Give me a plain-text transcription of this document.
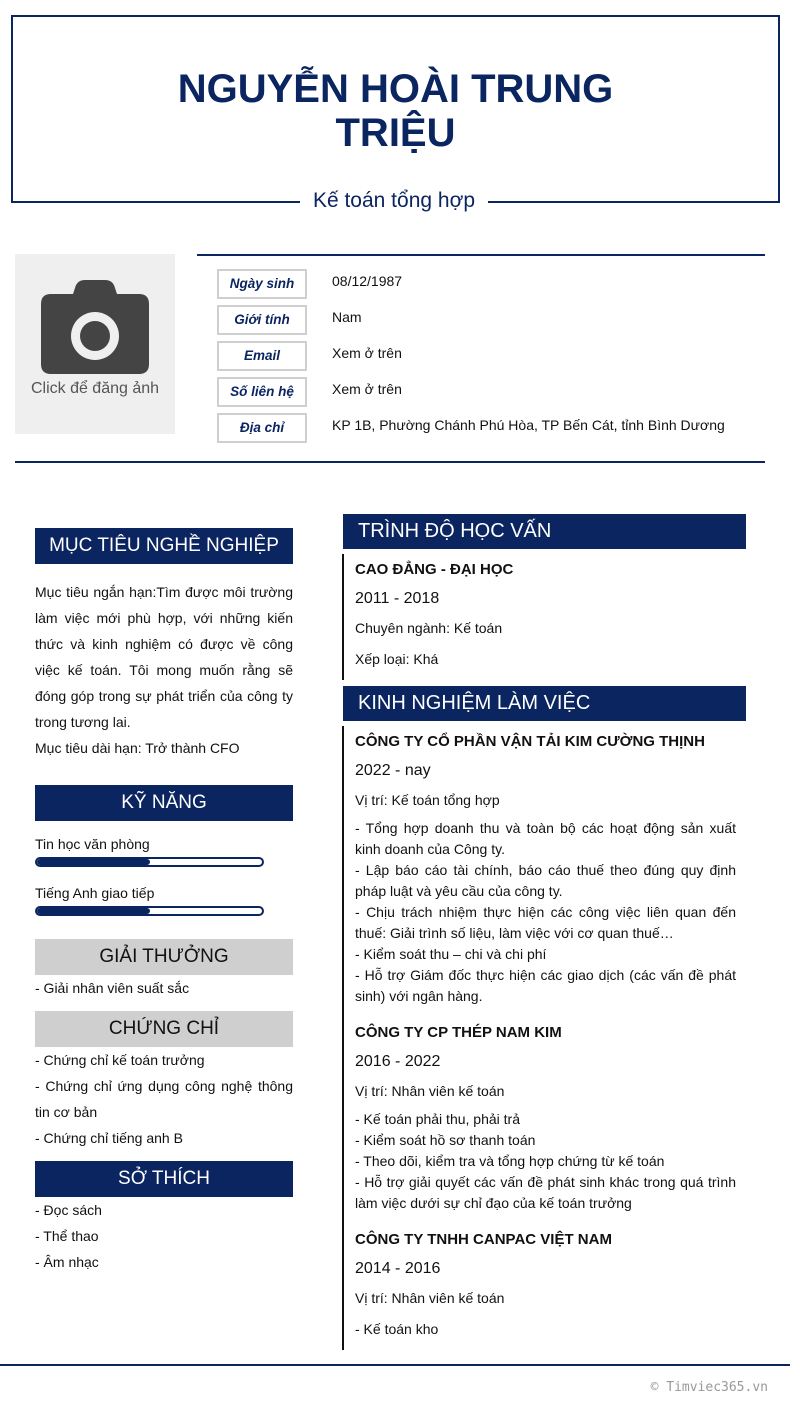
NGUYỄN HOÀI TRUNG TRIỆU
Kế toán tổng hợp
Click để đăng ảnh
Ngày sinh	08/12/1987
Giới tính	Nam
Email	Xem ở trên
Số liên hệ	Xem ở trên
Địa chỉ	KP 1B, Phường Chánh Phú Hòa, TP Bến Cát, tỉnh Bình Dương
MỤC TIÊU NGHỀ NGHIỆP
Mục tiêu ngắn hạn:Tìm được môi trường làm việc mới phù hợp, với những kiến thức và kinh nghiệm có được về công việc kế toán. Tôi mong muốn rằng sẽ đóng góp trong sự phát triển của công ty trong tương lai.
Mục tiêu dài hạn: Trở thành CFO
KỸ NĂNG
Tin học văn phòng
Tiếng Anh giao tiếp
GIẢI THƯỞNG
- Giải nhân viên suất sắc
CHỨNG CHỈ
- Chứng chỉ kế toán trưởng
- Chứng chỉ ứng dụng công nghệ thông tin cơ bản
- Chứng chỉ tiếng anh B
SỞ THÍCH
- Đọc sách
- Thể thao
- Âm nhạc
TRÌNH ĐỘ HỌC VẤN
CAO ĐẲNG - ĐẠI HỌC
2011 - 2018
Chuyên ngành: Kế toán
Xếp loại: Khá
KINH NGHIỆM LÀM VIỆC
CÔNG TY CỔ PHẦN VẬN TẢI KIM CƯỜNG THỊNH
2022 - nay
Vị trí: Kế toán tổng hợp
- Tổng hợp doanh thu và toàn bộ các hoạt động sản xuất kinh doanh của Công ty.
- Lập báo cáo tài chính, báo cáo thuế theo đúng quy định pháp luật và yêu cầu của công ty.
- Chịu trách nhiệm thực hiện các công việc liên quan đến thuế: Giải trình số liệu, làm việc với cơ quan thuế…
- Kiểm soát thu – chi và chi phí
- Hỗ trợ Giám đốc thực hiện các giao dịch (các vấn đề phát sinh) với ngân hàng.
CÔNG TY CP THÉP NAM KIM
2016 - 2022
Vị trí: Nhân viên kế toán
- Kế toán phải thu, phải trả
- Kiểm soát hồ sơ thanh toán
- Theo dõi, kiểm tra và tổng hợp chứng từ kế toán
- Hỗ trợ giải quyết các vấn đề phát sinh khác trong quá trình làm việc dưới sự chỉ đạo của kế toán trưởng
CÔNG TY TNHH CANPAC VIỆT NAM
2014 - 2016
Vị trí: Nhân viên kế toán
- Kế toán kho
© Timviec365.vn
